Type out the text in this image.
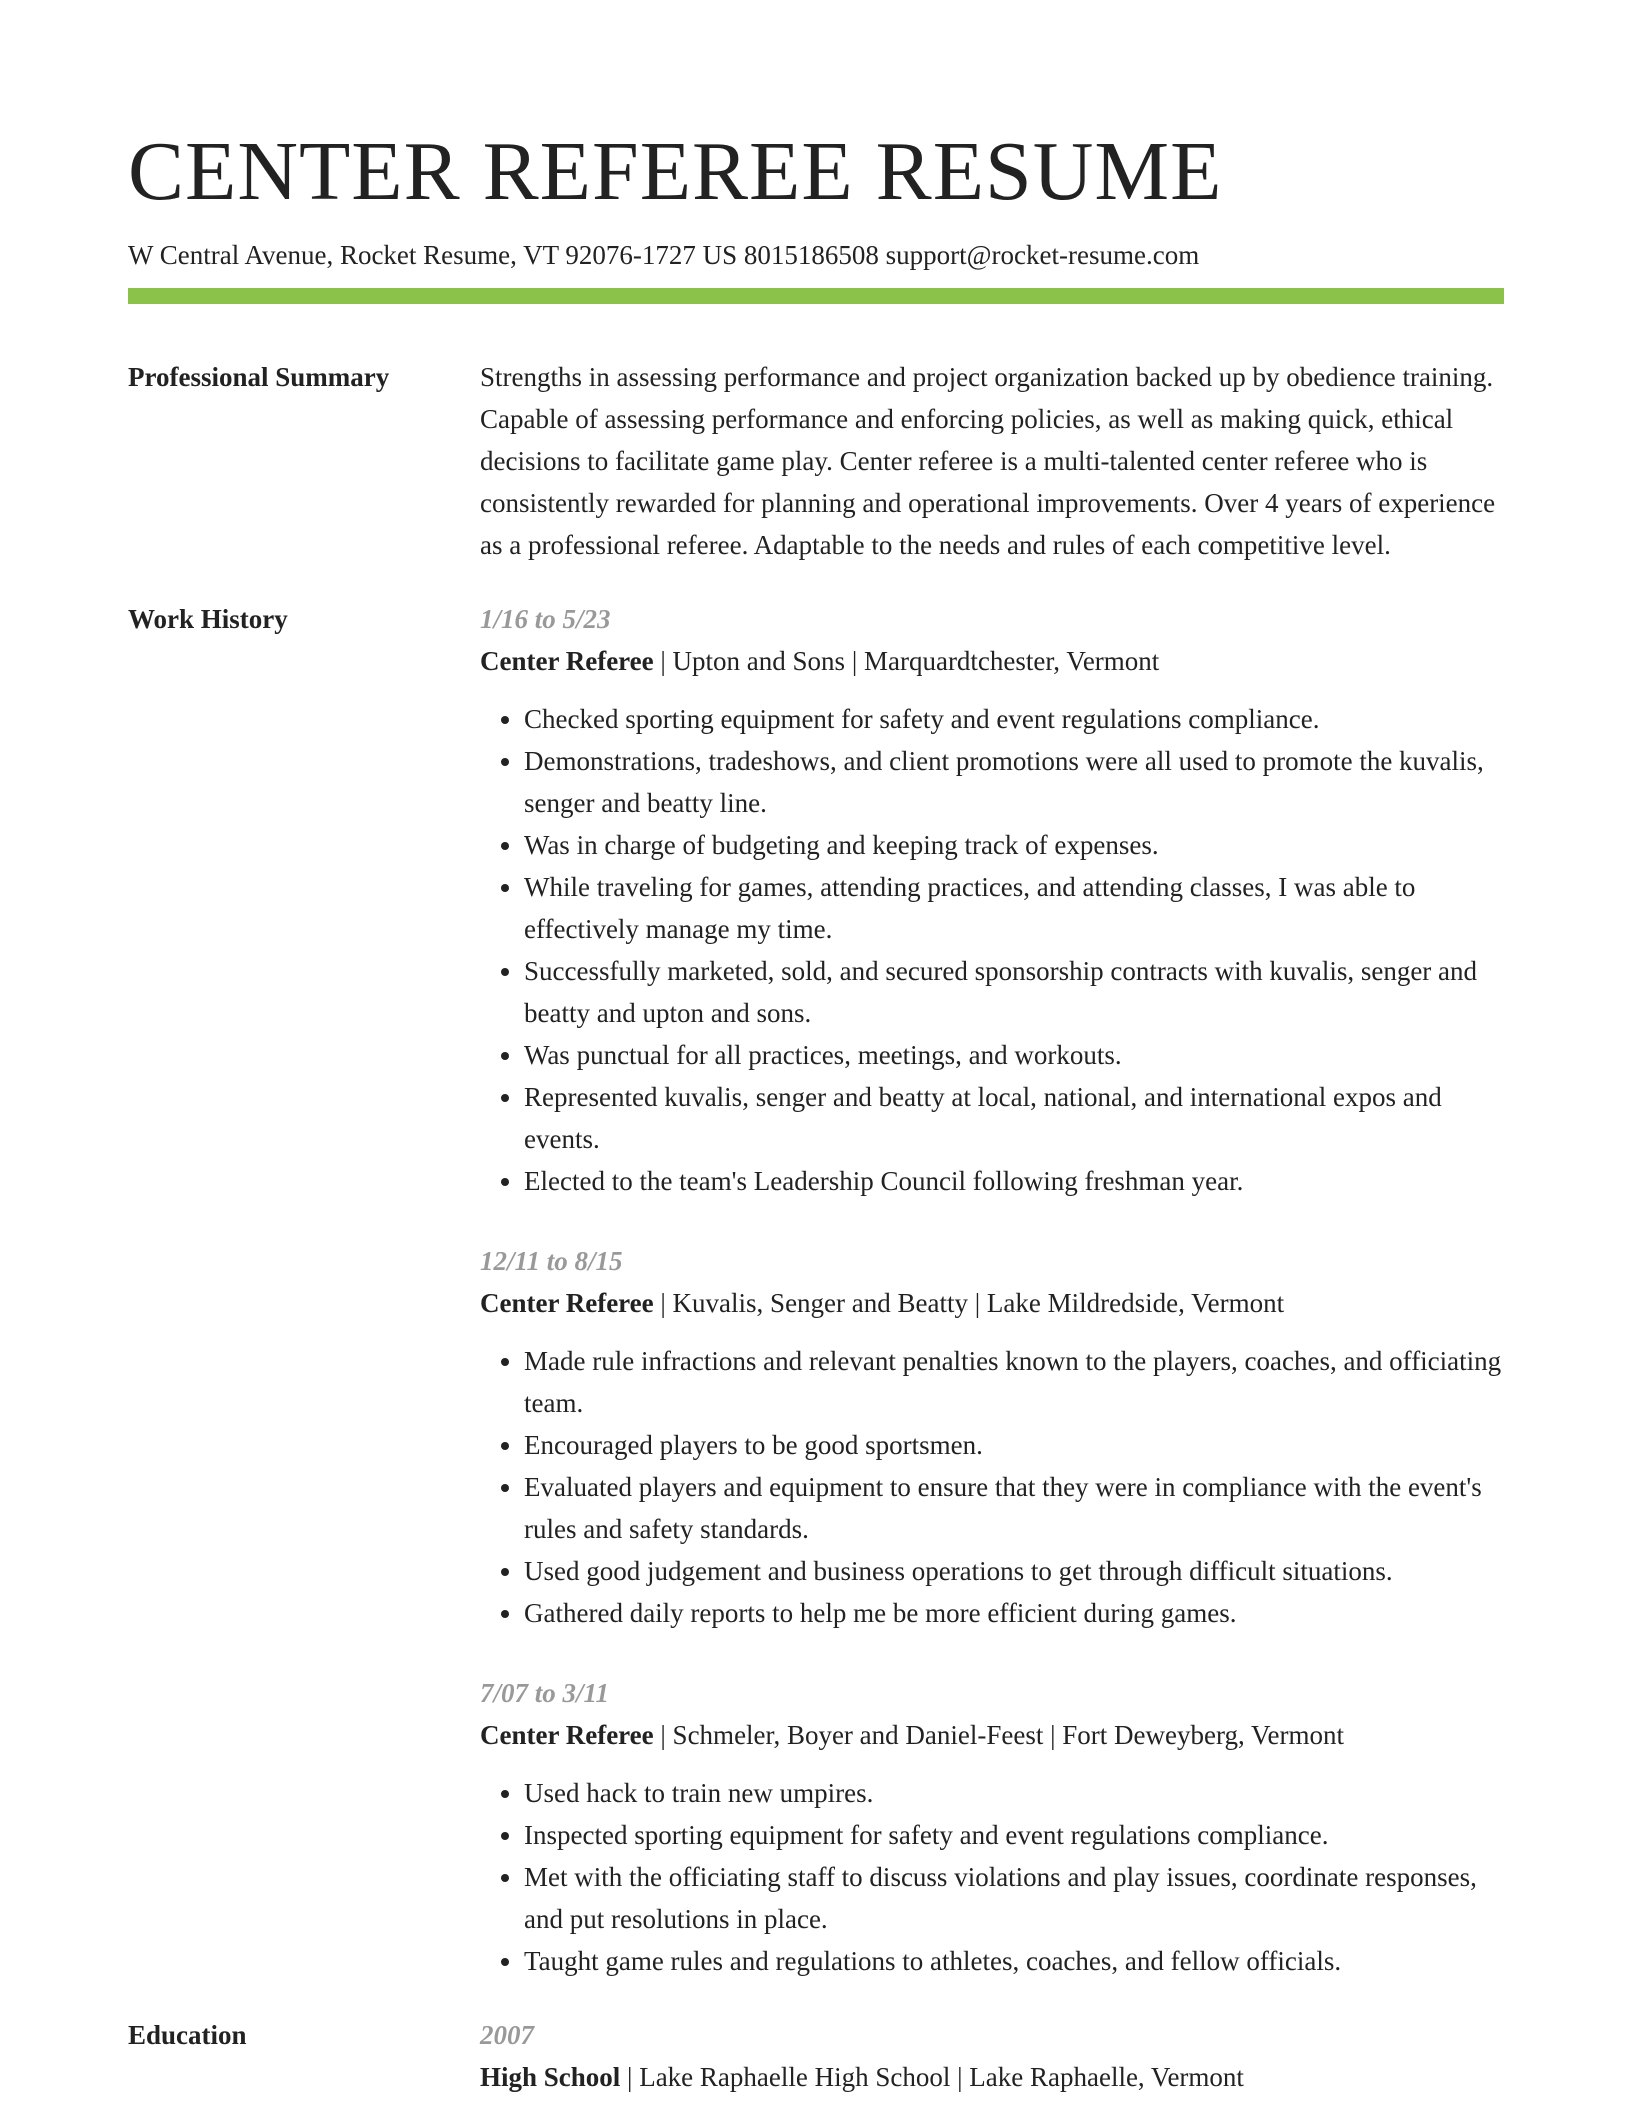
CENTER REFEREE RESUME
W Central Avenue, Rocket Resume, VT 92076-1727 US 8015186508 support@rocket-resume.com
Professional Summary	Strengths in assessing performance and project organization backed up by obedience training. Capable of assessing performance and enforcing policies, as well as making quick, ethical decisions to facilitate game play. Center referee is a multi-talented center referee who is consistently rewarded for planning and operational improvements. Over 4 years of experience as a professional referee. Adaptable to the needs and rules of each competitive level.

Work History	1/16 to 5/23
Center Referee | Upton and Sons | Marquardtchester, Vermont
• Checked sporting equipment for safety and event regulations compliance.
• Demonstrations, tradeshows, and client promotions were all used to promote the kuvalis, senger and beatty line.
• Was in charge of budgeting and keeping track of expenses.
• While traveling for games, attending practices, and attending classes, I was able to effectively manage my time.
• Successfully marketed, sold, and secured sponsorship contracts with kuvalis, senger and beatty and upton and sons.
• Was punctual for all practices, meetings, and workouts.
• Represented kuvalis, senger and beatty at local, national, and international expos and events.
• Elected to the team's Leadership Council following freshman year.
12/11 to 8/15
Center Referee | Kuvalis, Senger and Beatty | Lake Mildredside, Vermont
• Made rule infractions and relevant penalties known to the players, coaches, and officiating team.
• Encouraged players to be good sportsmen.
• Evaluated players and equipment to ensure that they were in compliance with the event's rules and safety standards.
• Used good judgement and business operations to get through difficult situations.
• Gathered daily reports to help me be more efficient during games.
7/07 to 3/11
Center Referee | Schmeler, Boyer and Daniel-Feest | Fort Deweyberg, Vermont
• Used hack to train new umpires.
• Inspected sporting equipment for safety and event regulations compliance.
• Met with the officiating staff to discuss violations and play issues, coordinate responses, and put resolutions in place.
• Taught game rules and regulations to athletes, coaches, and fellow officials.
Education	2007
High School | Lake Raphaelle High School | Lake Raphaelle, Vermont
